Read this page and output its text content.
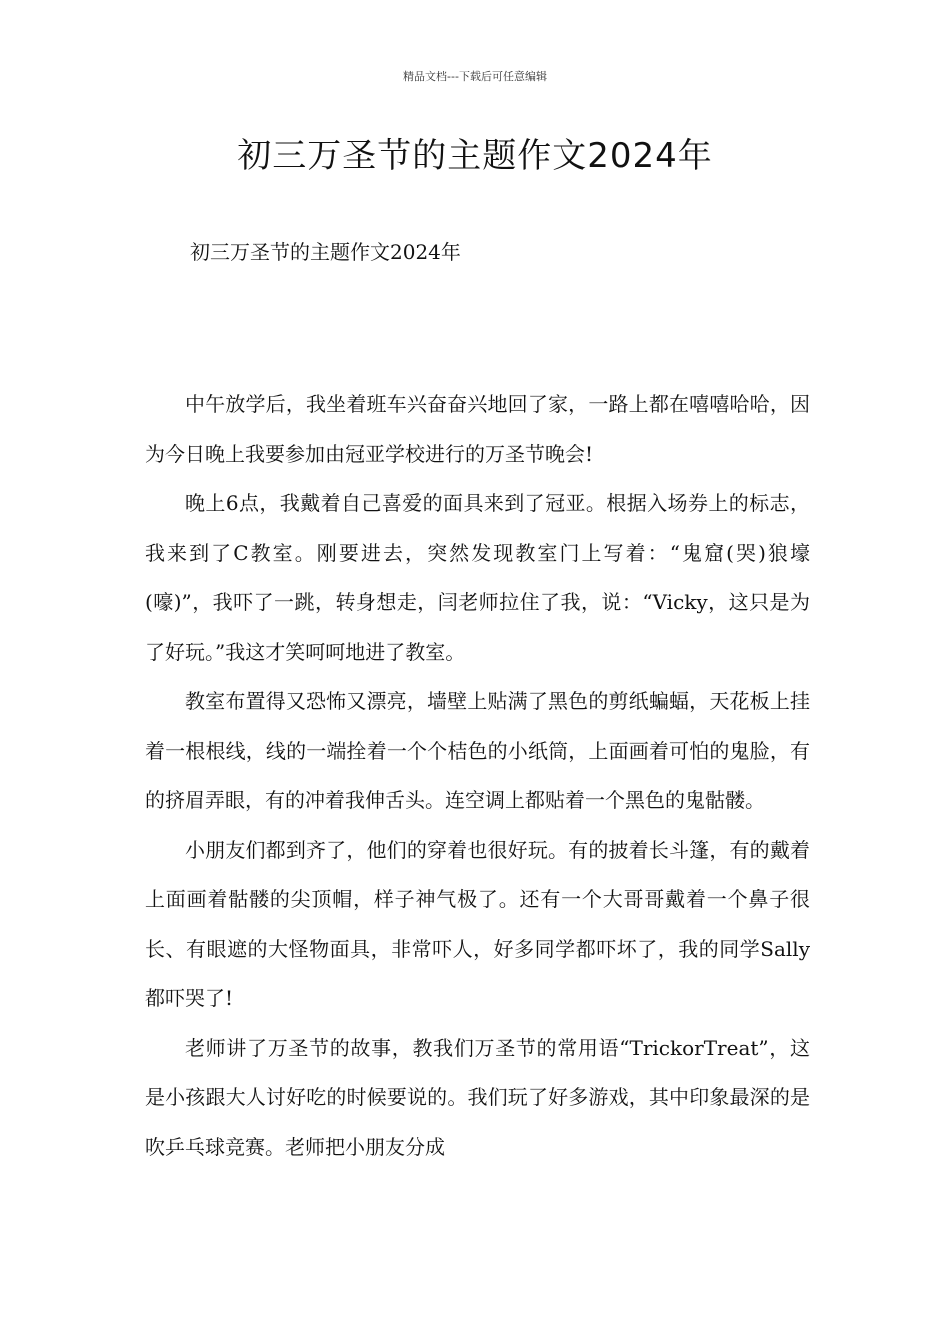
精品文档---下载后可任意编辑
初三万圣节的主题作文2024年
初三万圣节的主题作文2024年

中午放学后，我坐着班车兴奋奋兴地回了家，一路上都在嘻嘻哈哈，因为今日晚上我要参加由冠亚学校进行的万圣节晚会!

晚上6点，我戴着自己喜爱的面具来到了冠亚。根据入场券上的标志，我来到了C教室。刚要进去，突然发现教室门上写着：“鬼窟(哭)狼壕(嚎)”，我吓了一跳，转身想走，闫老师拉住了我，说：“Vicky，这只是为了好玩。”我这才笑呵呵地进了教室。

教室布置得又恐怖又漂亮，墙壁上贴满了黑色的剪纸蝙蝠，天花板上挂着一根根线，线的一端拴着一个个桔色的小纸筒，上面画着可怕的鬼脸，有的挤眉弄眼，有的冲着我伸舌头。连空调上都贴着一个黑色的鬼骷髅。

小朋友们都到齐了，他们的穿着也很好玩。有的披着长斗篷，有的戴着上面画着骷髅的尖顶帽，样子神气极了。还有一个大哥哥戴着一个鼻子很长、有眼遮的大怪物面具，非常吓人，好多同学都吓坏了，我的同学Sally都吓哭了!

老师讲了万圣节的故事，教我们万圣节的常用语“TrickorTreat”，这是小孩跟大人讨好吃的时候要说的。我们玩了好多游戏，其中印象最深的是吹乒乓球竞赛。老师把小朋友分成
